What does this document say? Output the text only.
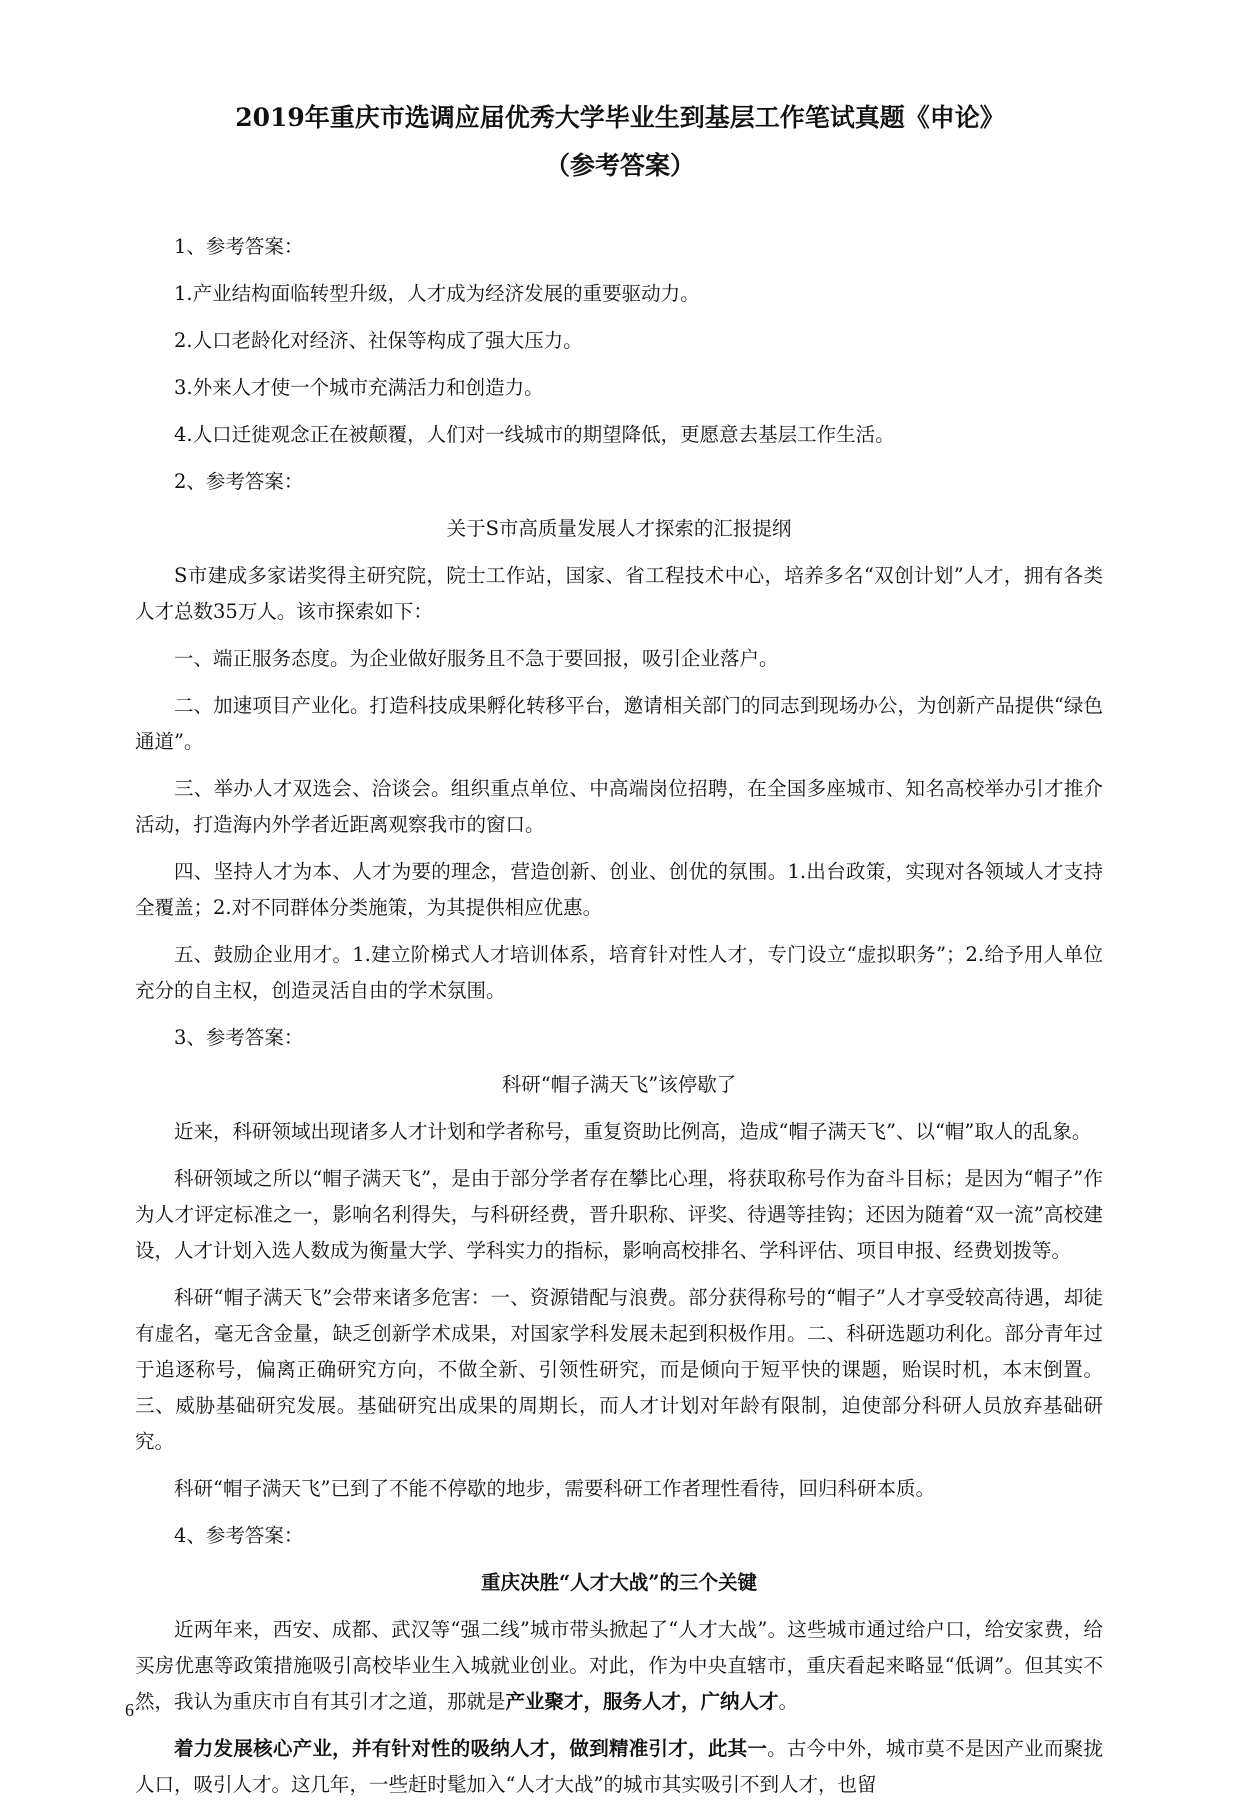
2019年重庆市选调应届优秀大学毕业生到基层工作笔试真题《申论》
（参考答案）

1、参考答案：

1.产业结构面临转型升级，人才成为经济发展的重要驱动力。

2.人口老龄化对经济、社保等构成了强大压力。

3.外来人才使一个城市充满活力和创造力。

4.人口迁徙观念正在被颠覆，人们对一线城市的期望降低，更愿意去基层工作生活。

2、参考答案：

关于S市高质量发展人才探索的汇报提纲

S市建成多家诺奖得主研究院，院士工作站，国家、省工程技术中心，培养多名“双创计划”人才，拥有各类人才总数35万人。该市探索如下：

一、端正服务态度。为企业做好服务且不急于要回报，吸引企业落户。

二、加速项目产业化。打造科技成果孵化转移平台，邀请相关部门的同志到现场办公，为创新产品提供“绿色通道”。

三、举办人才双选会、洽谈会。组织重点单位、中高端岗位招聘，在全国多座城市、知名高校举办引才推介活动，打造海内外学者近距离观察我市的窗口。

四、坚持人才为本、人才为要的理念，营造创新、创业、创优的氛围。1.出台政策，实现对各领域人才支持全覆盖；2.对不同群体分类施策，为其提供相应优惠。

五、鼓励企业用才。1.建立阶梯式人才培训体系，培育针对性人才，专门设立“虚拟职务”；2.给予用人单位充分的自主权，创造灵活自由的学术氛围。

3、参考答案：

科研“帽子满天飞”该停歇了

近来，科研领域出现诸多人才计划和学者称号，重复资助比例高，造成“帽子满天飞”、以“帽”取人的乱象。

科研领域之所以“帽子满天飞”，是由于部分学者存在攀比心理，将获取称号作为奋斗目标；是因为“帽子”作为人才评定标准之一，影响名利得失，与科研经费，晋升职称、评奖、待遇等挂钩；还因为随着“双一流”高校建设，人才计划入选人数成为衡量大学、学科实力的指标，影响高校排名、学科评估、项目申报、经费划拨等。

科研“帽子满天飞”会带来诸多危害：一、资源错配与浪费。部分获得称号的“帽子”人才享受较高待遇，却徒有虚名，毫无含金量，缺乏创新学术成果，对国家学科发展未起到积极作用。二、科研选题功利化。部分青年过于追逐称号，偏离正确研究方向，不做全新、引领性研究，而是倾向于短平快的课题，贻误时机，本末倒置。三、威胁基础研究发展。基础研究出成果的周期长，而人才计划对年龄有限制，迫使部分科研人员放弃基础研究。

科研“帽子满天飞”已到了不能不停歇的地步，需要科研工作者理性看待，回归科研本质。

4、参考答案：

重庆决胜“人才大战”的三个关键

近两年来，西安、成都、武汉等“强二线”城市带头掀起了“人才大战”。这些城市通过给户口，给安家费，给买房优惠等政策措施吸引高校毕业生入城就业创业。对此，作为中央直辖市，重庆看起来略显“低调”。但其实不然，我认为重庆市自有其引才之道，那就是产业聚才，服务人才，广纳人才。

着力发展核心产业，并有针对性的吸纳人才，做到精准引才，此其一。古今中外，城市莫不是因产业而聚拢人口，吸引人才。这几年，一些赶时髦加入“人才大战”的城市其实吸引不到人才，也留

6
